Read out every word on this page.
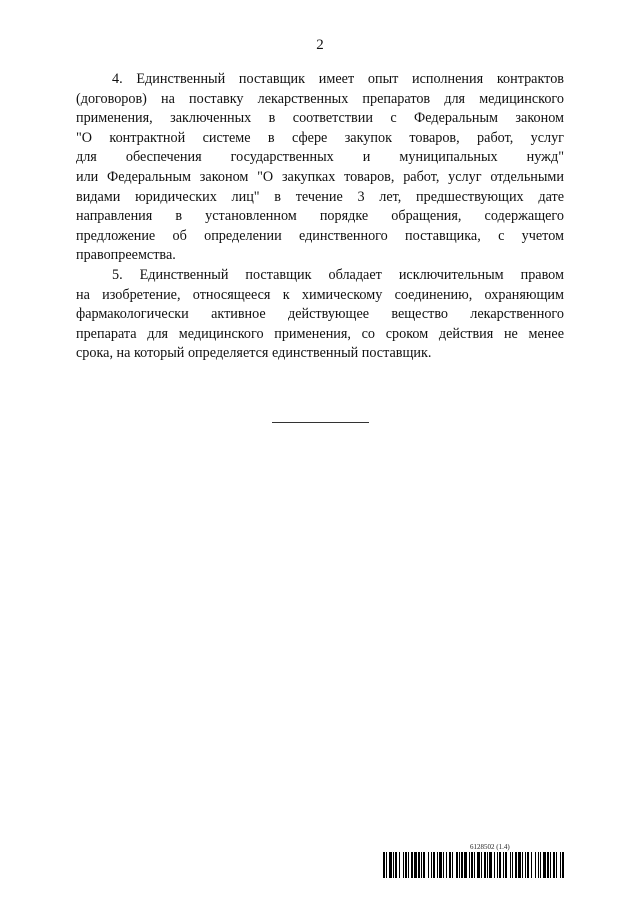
2
4. Единственный поставщик имеет опыт исполнения контрактов
(договоров) на поставку лекарственных препаратов для медицинского
применения, заключенных в соответствии с Федеральным законом
"О контрактной системе в сфере закупок товаров, работ, услуг
для обеспечения государственных и муниципальных нужд"
или Федеральным законом "О закупках товаров, работ, услуг отдельными
видами юридических лиц" в течение 3 лет, предшествующих дате
направления в установленном порядке обращения, содержащего
предложение об определении единственного поставщика, с учетом
правопреемства.
5. Единственный поставщик обладает исключительным правом
на изобретение, относящееся к химическому соединению, охраняющим
фармакологически активное действующее вещество лекарственного
препарата для медицинского применения, со сроком действия не менее
срока, на который определяется единственный поставщик.
6128502 (1.4)
